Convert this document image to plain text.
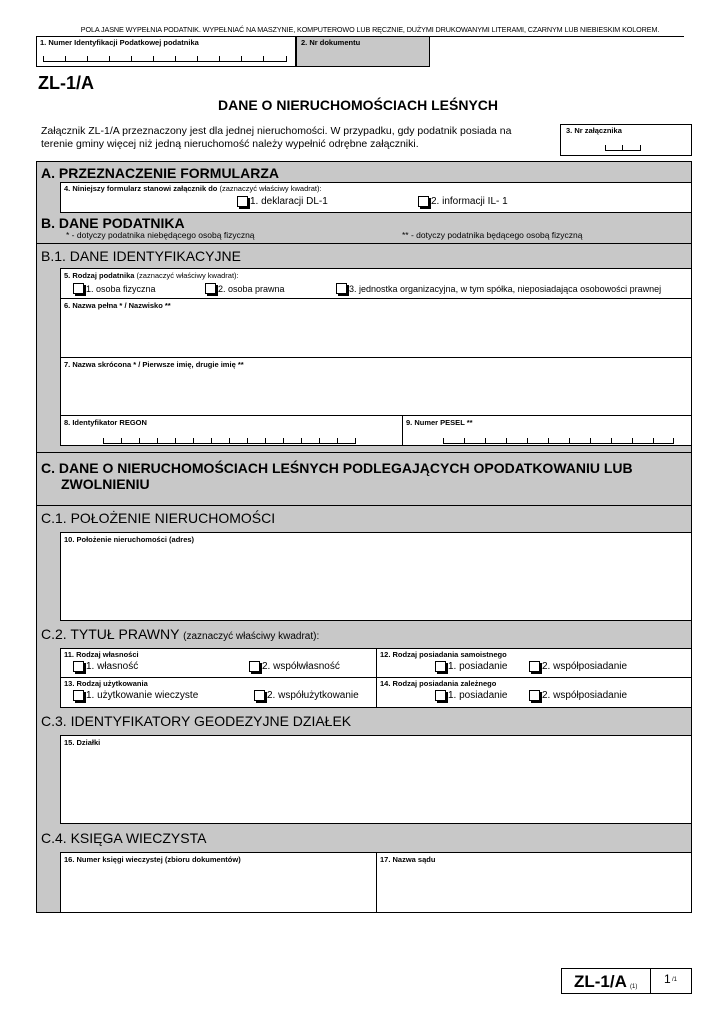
POLA JASNE WYPEŁNIA PODATNIK. WYPEŁNIAĆ NA MASZYNIE, KOMPUTEROWO LUB RĘCZNIE, DUŻYMI DRUKOWANYMI LITERAMI, CZARNYM LUB NIEBIESKIM KOLOREM.
1. Numer Identyfikacji Podatkowej podatnika	2. Nr dokumentu
ZL-1/A
DANE O NIERUCHOMOŚCIACH LEŚNYCH
Załącznik ZL-1/A przeznaczony jest dla jednej nieruchomości. W przypadku, gdy podatnik posiada na
terenie gminy więcej niż jedną nieruchomość należy wypełnić odrębne załączniki.
3. Nr załącznika
A. PRZEZNACZENIE FORMULARZA
4. Niniejszy formularz stanowi załącznik do (zaznaczyć właściwy kwadrat):
1. deklaracji DL-1	2. informacji IL- 1
B. DANE PODATNIKA
* - dotyczy podatnika niebędącego osobą fizyczną	** - dotyczy podatnika będącego osobą fizyczną
B.1. DANE IDENTYFIKACYJNE
5. Rodzaj podatnika (zaznaczyć właściwy kwadrat):
1. osoba fizyczna	2. osoba prawna	3. jednostka organizacyjna, w tym spółka, nieposiadająca osobowości prawnej
6. Nazwa pełna * / Nazwisko **
7. Nazwa skrócona * / Pierwsze imię, drugie imię **
8. Identyfikator REGON	9. Numer PESEL **
C. DANE O NIERUCHOMOŚCIACH LEŚNYCH PODLEGAJĄCYCH OPODATKOWANIU LUB
ZWOLNIENIU
C.1. POŁOŻENIE NIERUCHOMOŚCI
10. Położenie nieruchomości (adres)
C.2. TYTUŁ PRAWNY (zaznaczyć właściwy kwadrat):
11. Rodzaj własności
1. własność	2. współwłasność
12. Rodzaj posiadania samoistnego
1. posiadanie	2. współposiadanie
13. Rodzaj użytkowania
1. użytkowanie wieczyste	2. współużytkowanie
14. Rodzaj posiadania zależnego
1. posiadanie	2. współposiadanie
C.3. IDENTYFIKATORY GEODEZYJNE DZIAŁEK
15. Działki
C.4. KSIĘGA WIECZYSTA
16. Numer księgi wieczystej (zbioru dokumentów)	17. Nazwa sądu
ZL-1/A (1)
1 /1
